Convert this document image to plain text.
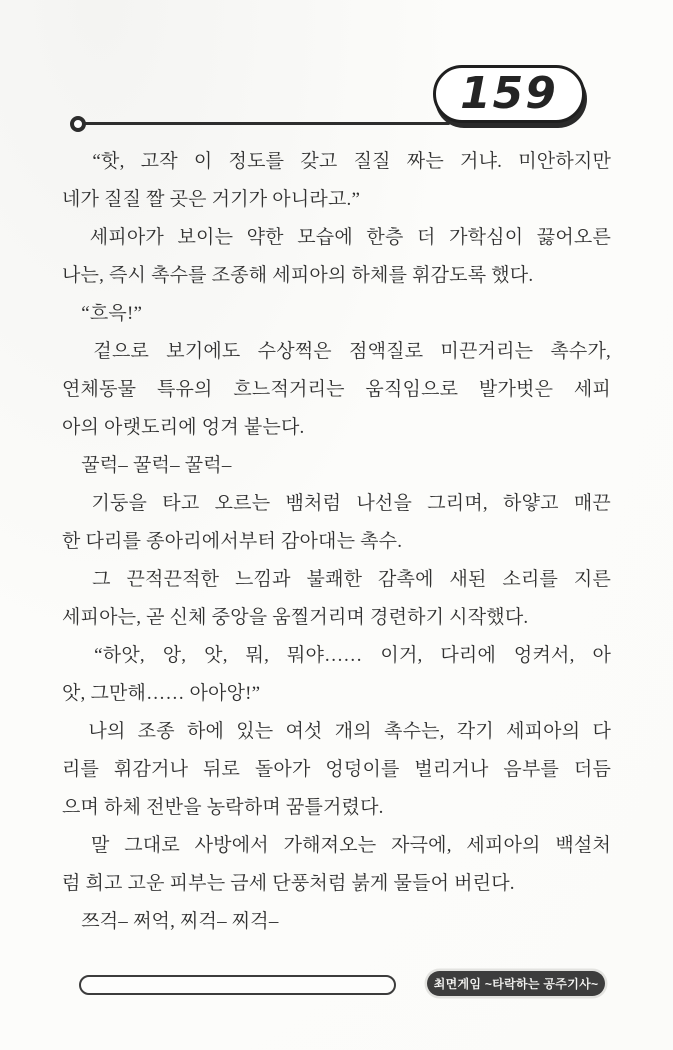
159
　“핫, 고작 이 정도를 갖고 질질 짜는 거냐. 미안하지만
네가 질질 짤 곳은 거기가 아니라고.”
　세피아가 보이는 약한 모습에 한층 더 가학심이 끓어오른
나는, 즉시 촉수를 조종해 세피아의 하체를 휘감도록 했다.
　“흐윽!”
　겉으로 보기에도 수상쩍은 점액질로 미끈거리는 촉수가,
연체동물 특유의 흐느적거리는 움직임으로 발가벗은 세피
아의 아랫도리에 엉겨 붙는다.
　꿀럭– 꿀럭– 꿀럭–
　기둥을 타고 오르는 뱀처럼 나선을 그리며, 하얗고 매끈
한 다리를 종아리에서부터 감아대는 촉수.
　그 끈적끈적한 느낌과 불쾌한 감촉에 새된 소리를 지른
세피아는, 곧 신체 중앙을 움찔거리며 경련하기 시작했다.
　“하앗, 앙, 앗, 뭐, 뭐야…… 이거, 다리에 엉켜서, 아
앗, 그만해…… 아아앙!”
　나의 조종 하에 있는 여섯 개의 촉수는, 각기 세피아의 다
리를 휘감거나 뒤로 돌아가 엉덩이를 벌리거나 음부를 더듬
으며 하체 전반을 농락하며 꿈틀거렸다.
　말 그대로 사방에서 가해져오는 자극에, 세피아의 백설처
럼 희고 고운 피부는 금세 단풍처럼 붉게 물들어 버린다.
　쯔걱– 쩌억, 찌걱– 찌걱–
최면게임 ~타락하는 공주기사~
